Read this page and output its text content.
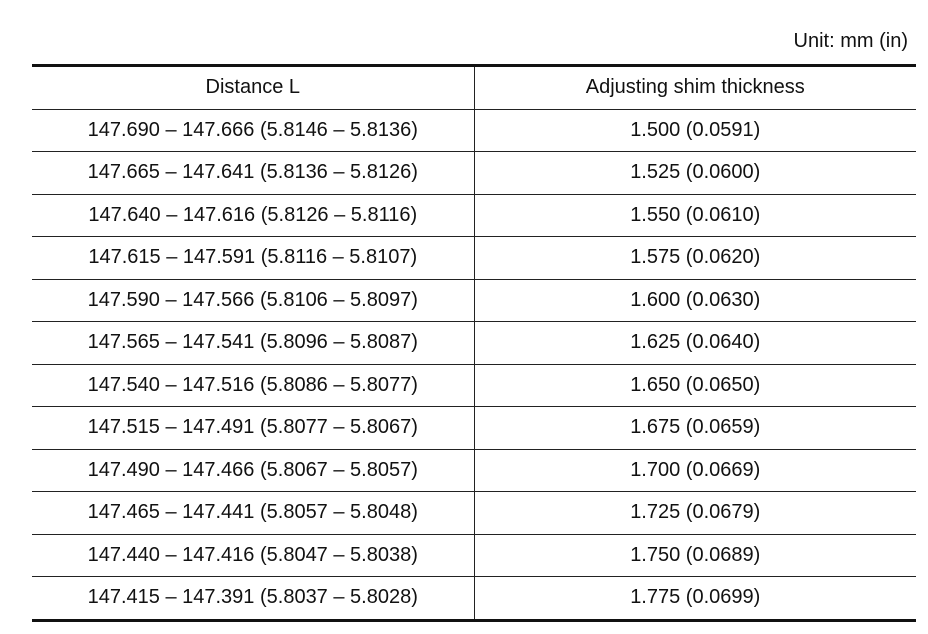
Unit: mm (in)
Distance L	Adjusting shim thickness
147.690 – 147.666 (5.8146 – 5.8136)	1.500 (0.0591)
147.665 – 147.641 (5.8136 – 5.8126)	1.525 (0.0600)
147.640 – 147.616 (5.8126 – 5.8116)	1.550 (0.0610)
147.615 – 147.591 (5.8116 – 5.8107)	1.575 (0.0620)
147.590 – 147.566 (5.8106 – 5.8097)	1.600 (0.0630)
147.565 – 147.541 (5.8096 – 5.8087)	1.625 (0.0640)
147.540 – 147.516 (5.8086 – 5.8077)	1.650 (0.0650)
147.515 – 147.491 (5.8077 – 5.8067)	1.675 (0.0659)
147.490 – 147.466 (5.8067 – 5.8057)	1.700 (0.0669)
147.465 – 147.441 (5.8057 – 5.8048)	1.725 (0.0679)
147.440 – 147.416 (5.8047 – 5.8038)	1.750 (0.0689)
147.415 – 147.391 (5.8037 – 5.8028)	1.775 (0.0699)
